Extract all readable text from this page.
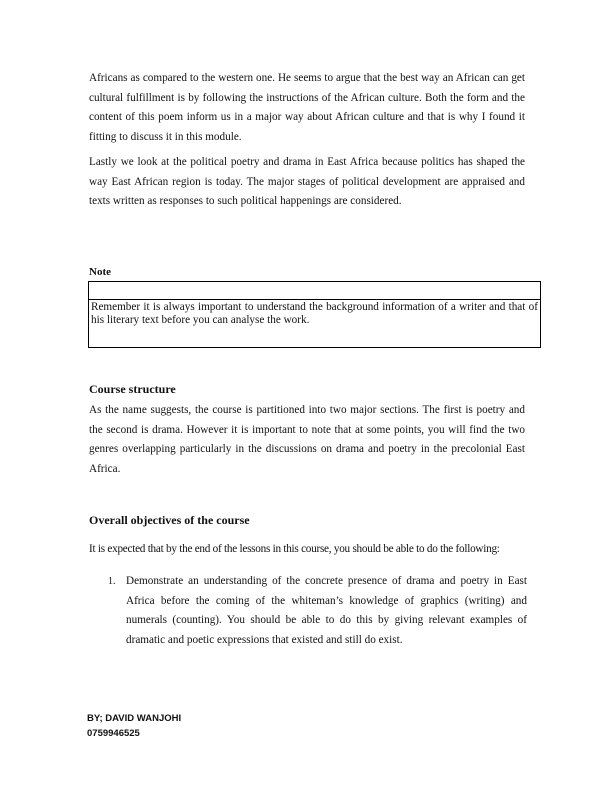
Africans as compared to the western one. He seems to argue that the best way an African can get cultural fulfillment is by following the instructions of the African culture. Both the form and the content of this poem inform us in a major way about African culture and that is why I found it fitting to discuss it in this module.

Lastly we look at the political poetry and drama in East Africa because politics has shaped the way East African region is today. The major stages of political development are appraised and texts written as responses to such political happenings are considered.

Note
Remember it is always important to understand the background information of a writer and that of his literary text before you can analyse the work.
Course structure

As the name suggests, the course is partitioned into two major sections. The first is poetry and the second is drama. However it is important to note that at some points, you will find the two genres overlapping particularly in the discussions on drama and poetry in the precolonial East Africa.

Overall objectives of the course

It is expected that by the end of the lessons in this course, you should be able to do the following:

1. Demonstrate an understanding of the concrete presence of drama and poetry in East Africa before the coming of the whiteman’s knowledge of graphics (writing) and numerals (counting). You should be able to do this by giving relevant examples of dramatic and poetic expressions that existed and still do exist.
BY; DAVID WANJOHI
0759946525
